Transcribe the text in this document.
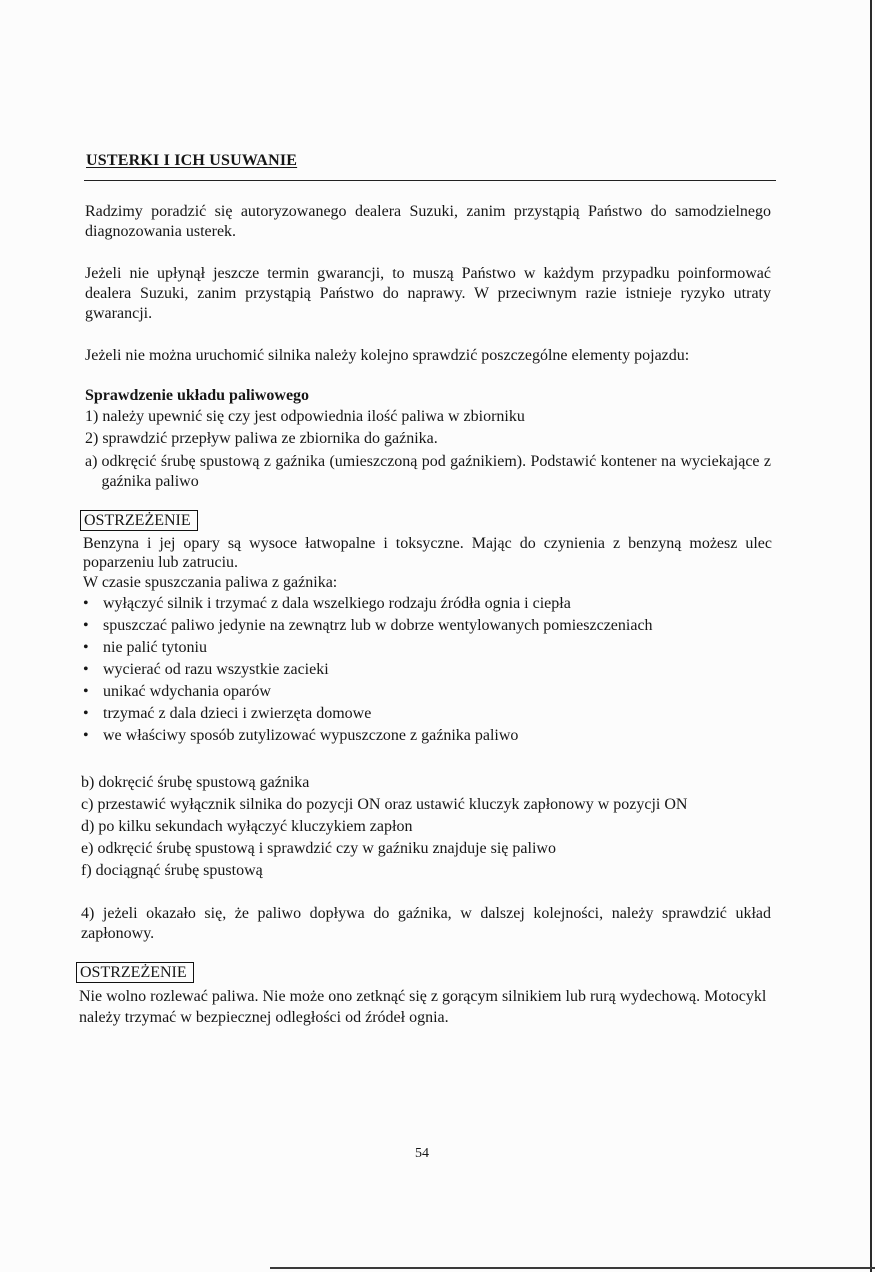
USTERKI I ICH USUWANIE
Radzimy poradzić się autoryzowanego dealera Suzuki, zanim przystąpią Państwo do samodzielnego diagnozowania usterek.
Jeżeli nie upłynął jeszcze termin gwarancji, to muszą Państwo w każdym przypadku poinformować dealera Suzuki, zanim przystąpią Państwo do naprawy. W przeciwnym razie istnieje ryzyko utraty gwarancji.
Jeżeli nie można uruchomić silnika należy kolejno sprawdzić poszczególne elementy pojazdu:
Sprawdzenie układu paliwowego
1) należy upewnić się czy jest odpowiednia ilość paliwa w zbiorniku
2) sprawdzić przepływ paliwa ze zbiornika do gaźnika.
a) odkręcić śrubę spustową z gaźnika (umieszczoną pod gaźnikiem). Podstawić kontener na wyciekające z gaźnika paliwo
OSTRZEŻENIE
Benzyna i jej opary są wysoce łatwopalne i toksyczne. Mając do czynienia z benzyną możesz ulec poparzeniu lub zatruciu.
W czasie spuszczania paliwa z gaźnika:
• wyłączyć silnik i trzymać z dala wszelkiego rodzaju źródła ognia i ciepła
• spuszczać paliwo jedynie na zewnątrz lub w dobrze wentylowanych pomieszczeniach
• nie palić tytoniu
• wycierać od razu wszystkie zacieki
• unikać wdychania oparów
• trzymać z dala dzieci i zwierzęta domowe
• we właściwy sposób zutylizować wypuszczone z gaźnika paliwo
b) dokręcić śrubę spustową gaźnika
c) przestawić wyłącznik silnika do pozycji ON oraz ustawić kluczyk zapłonowy w pozycji ON
d) po kilku sekundach wyłączyć kluczykiem zapłon
e) odkręcić śrubę spustową i sprawdzić czy w gaźniku znajduje się paliwo
f) dociągnąć śrubę spustową
4) jeżeli okazało się, że paliwo dopływa do gaźnika, w dalszej kolejności, należy sprawdzić układ zapłonowy.
OSTRZEŻENIE
Nie wolno rozlewać paliwa. Nie może ono zetknąć się z gorącym silnikiem lub rurą wydechową. Motocykl należy trzymać w bezpiecznej odległości od źródeł ognia.
54
